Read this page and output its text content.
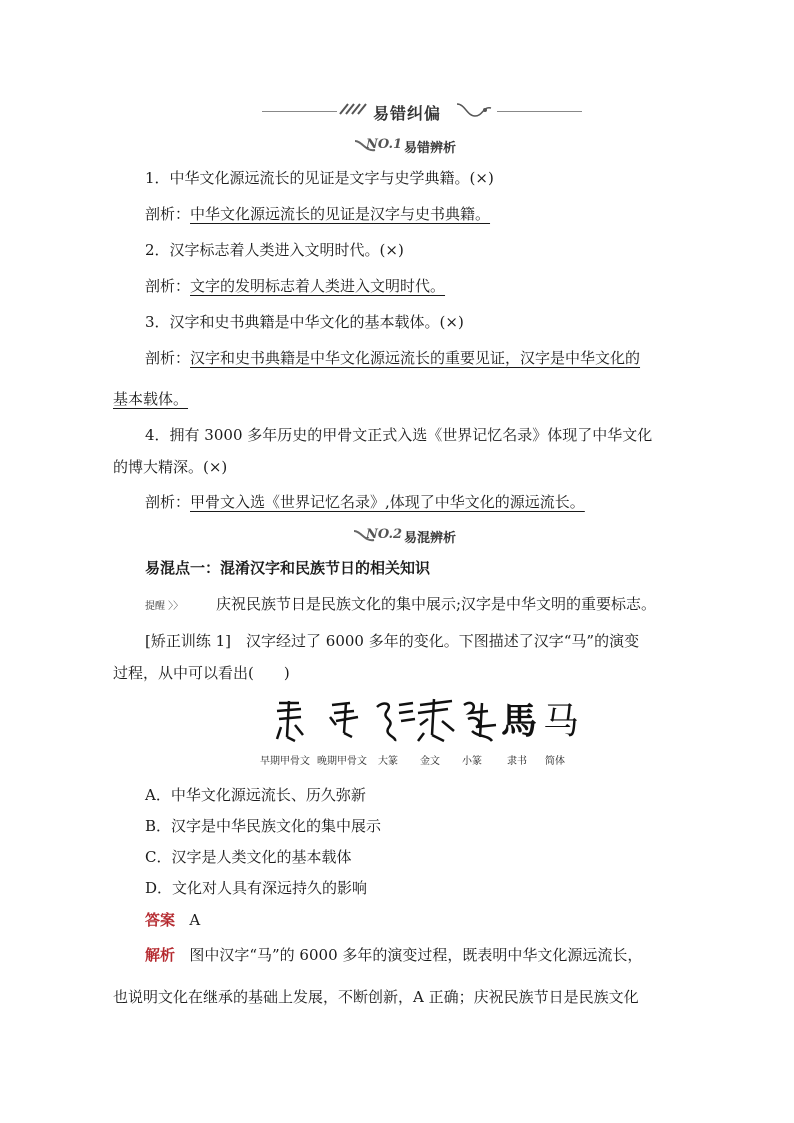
易错纠偏
NO.1 易错辨析
1．中华文化源远流长的见证是文字与史学典籍。(×)
剖析：中华文化源远流长的见证是汉字与史书典籍。
2．汉字标志着人类进入文明时代。(×)
剖析：文字的发明标志着人类进入文明时代。
3．汉字和史书典籍是中华文化的基本载体。(×)
剖析：汉字和史书典籍是中华文化源远流长的重要见证，汉字是中华文化的
基本载体。
4．拥有 3000 多年历史的甲骨文正式入选《世界记忆名录》体现了中华文化
的博大精深。(×)
剖析：甲骨文入选《世界记忆名录》,体现了中华文化的源远流长。
NO.2 易混辨析
易混点一：混淆汉字和民族节日的相关知识
提醒 〉〉 庆祝民族节日是民族文化的集中展示;汉字是中华文明的重要标志。
[矫正训练 1]　汉字经过了 6000 多年的变化。下图描述了汉字“马”的演变
过程，从中可以看出(　　)
馬 马
早期甲骨文 晚期甲骨文 大篆 金文 小篆	隶书 简体
A．中华文化源远流长、历久弥新
B．汉字是中华民族文化的集中展示
C．汉字是人类文化的基本载体
D．文化对人具有深远持久的影响
答案 A
解析 图中汉字“马”的 6000 多年的演变过程，既表明中华文化源远流长，
也说明文化在继承的基础上发展，不断创新，A 正确；庆祝民族节日是民族文化
